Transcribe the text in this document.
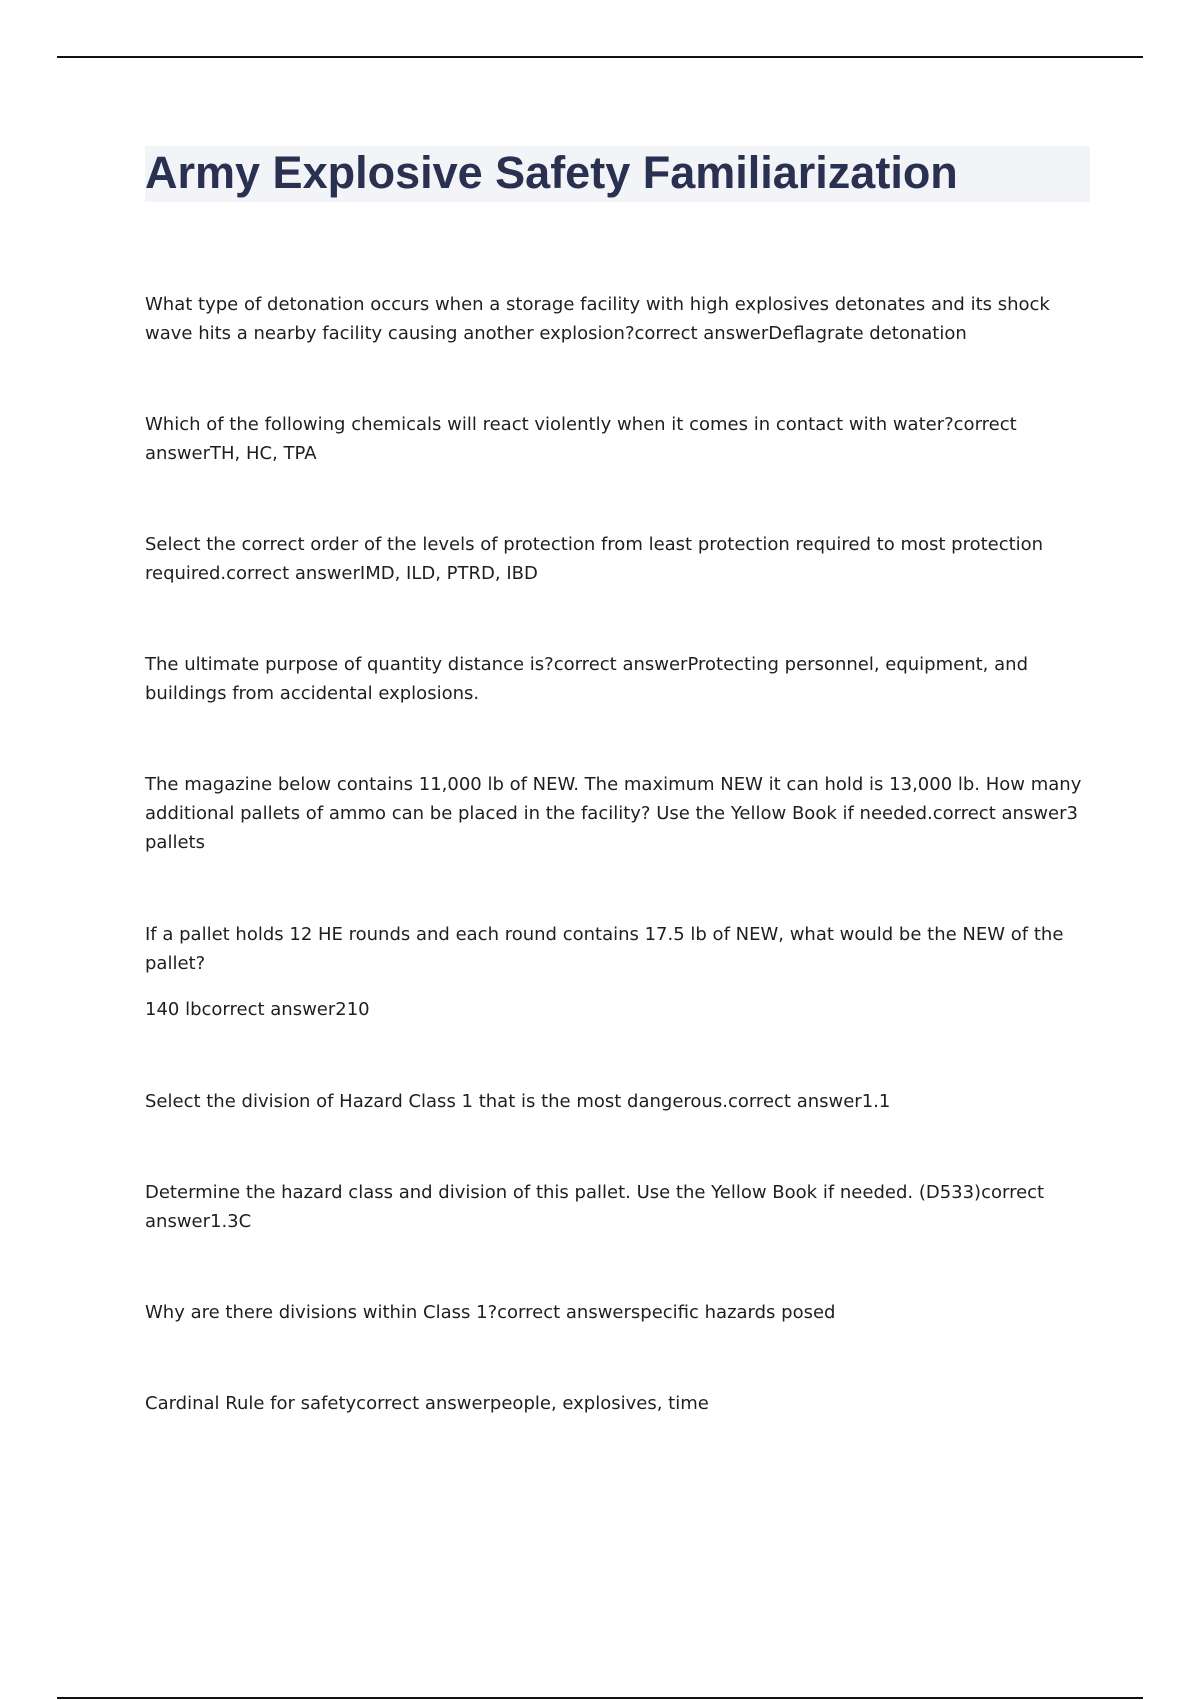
Army Explosive Safety Familiarization

What type of detonation occurs when a storage facility with high explosives detonates and its shock wave hits a nearby facility causing another explosion?correct answerDeflagrate detonation

Which of the following chemicals will react violently when it comes in contact with water?correct answerTH, HC, TPA

Select the correct order of the levels of protection from least protection required to most protection required.correct answerIMD, ILD, PTRD, IBD

The ultimate purpose of quantity distance is?correct answerProtecting personnel, equipment, and buildings from accidental explosions.

The magazine below contains 11,000 lb of NEW. The maximum NEW it can hold is 13,000 lb. How many additional pallets of ammo can be placed in the facility? Use the Yellow Book if needed.correct answer3 pallets

If a pallet holds 12 HE rounds and each round contains 17.5 lb of NEW, what would be the NEW of the pallet?

140 lbcorrect answer210

Select the division of Hazard Class 1 that is the most dangerous.correct answer1.1

Determine the hazard class and division of this pallet. Use the Yellow Book if needed. (D533)correct answer1.3C

Why are there divisions within Class 1?correct answerspecific hazards posed

Cardinal Rule for safetycorrect answerpeople, explosives, time
